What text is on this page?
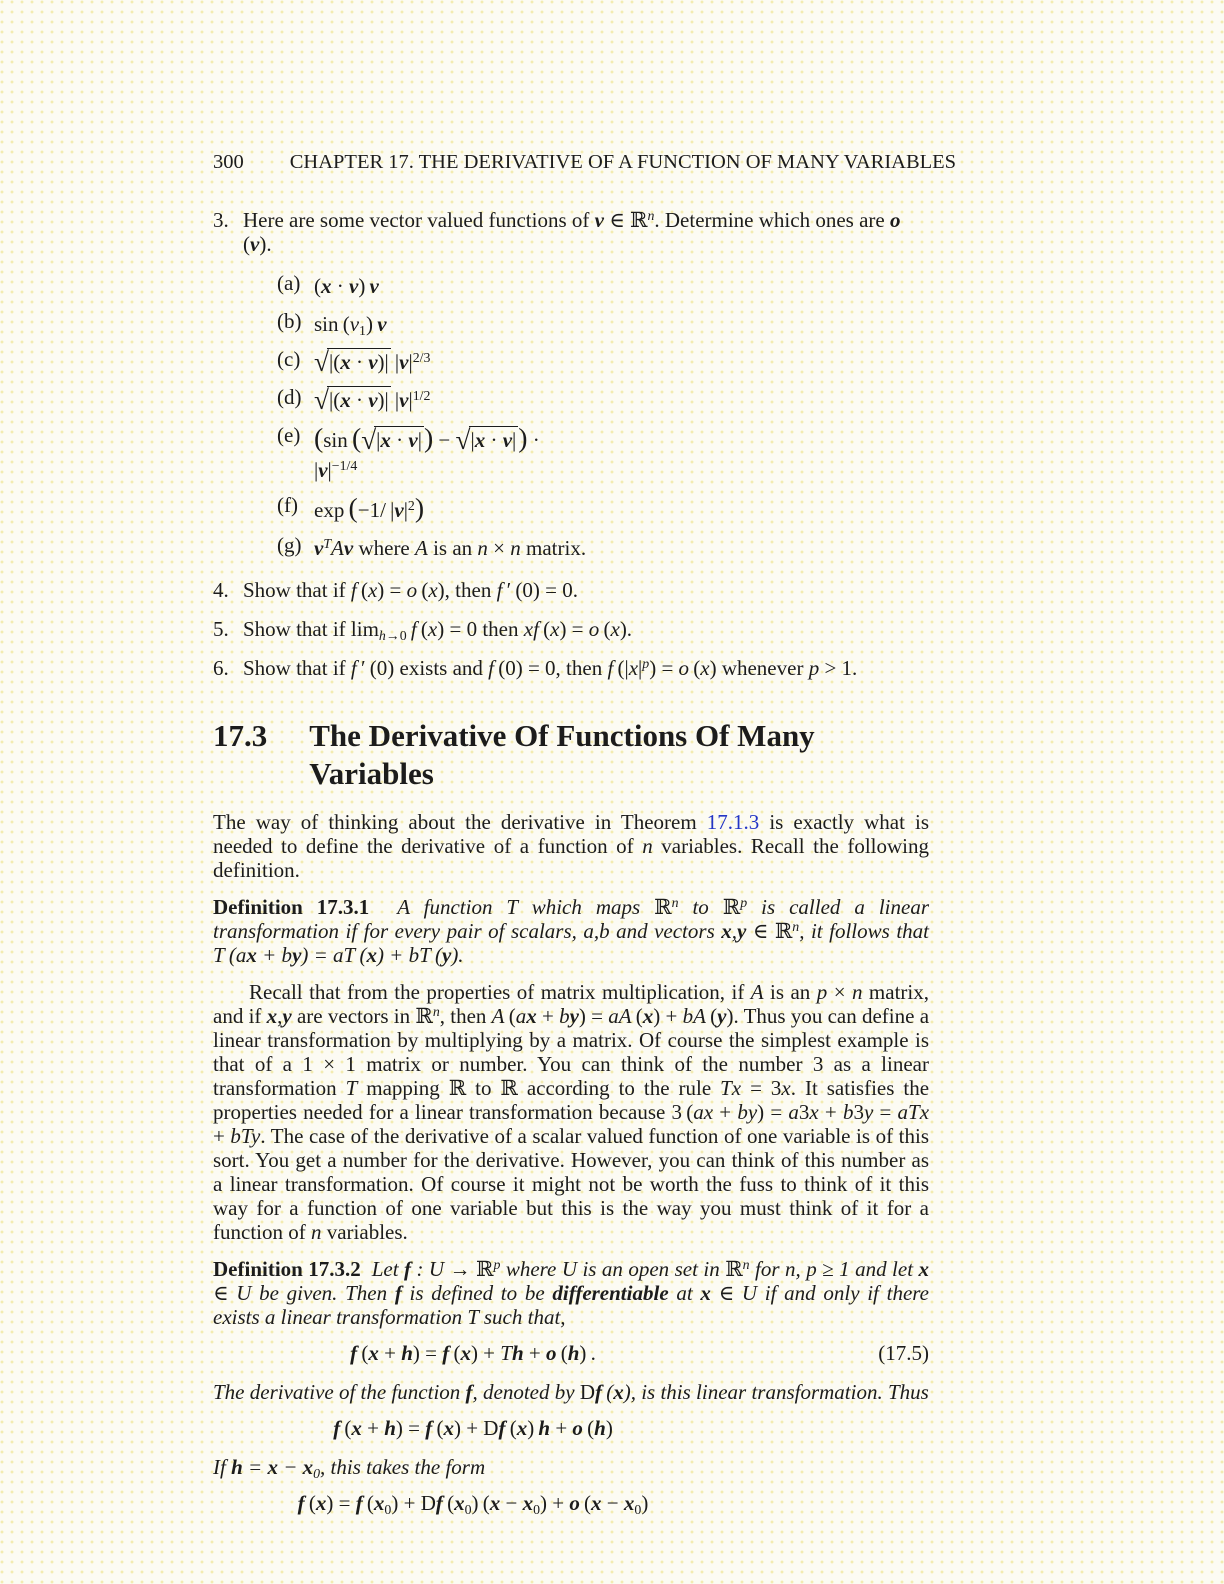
300 CHAPTER 17. THE DERIVATIVE OF A FUNCTION OF MANY VARIABLES
3. Here are some vector valued functions of v ∈ ℝ$^n$. Determine which ones are o (v).
(a) (x · v) v
(b) $\sin (v_1)$ v
(c) √|(x · v)| $|v|^{2/3}$
(d) √|(x · v)| $|v|^{1/2}$
(e) (sin (√|x · v|) − √|x · v|) ·
$|v|^{-1/4}$
(f) exp (−1/ $|v|^2$)
(g) $v^TAv$ where A is an n × n matrix.
4. Show that if f (x) = o (x), then f ′ (0) = 0.
5. Show that if $\lim_{h\to 0} f$ (x) = 0 then xf (x) = o (x).
6. Show that if f ′ (0) exists and f (0) = 0, then f $(|x|^p) = o$ (x) whenever p > 1.
17.3 The Derivative Of Functions Of Many Variables
The way of thinking about the derivative in Theorem 17.1.3 is exactly what is needed to define the derivative of a function of n variables. Recall the following definition.
Definition 17.3.1 A function T which maps ℝ$^n$ to ℝ$^p$ is called a linear transformation if for every pair of scalars, a,b and vectors x,y ∈ ℝ$^n$, it follows that T (ax + by) = aT (x) + bT (y).
Recall that from the properties of matrix multiplication, if A is an p × n matrix, and if x,y are vectors in ℝ$^n$, then A (ax + by) = aA (x) + bA (y). Thus you can define a linear transformation by multiplying by a matrix. Of course the simplest example is that of a 1 × 1 matrix or number. You can think of the number 3 as a linear transformation T mapping ℝ to ℝ according to the rule Tx = 3x. It satisfies the properties needed for a linear transformation because 3 (ax + by) = a3x + b3y = aTx + bTy. The case of the derivative of a scalar valued function of one variable is of this sort. You get a number for the derivative. However, you can think of this number as a linear transformation. Of course it might not be worth the fuss to think of it this way for a function of one variable but this is the way you must think of it for a function of n variables.
Definition 17.3.2 Let f : U → ℝ$^p$ where U is an open set in ℝ$^n$ for n, p ≥ 1 and let x ∈ U be given. Then f is defined to be differentiable at x ∈ U if and only if there exists a linear transformation T such that,
f (x + h) = f (x) + Th + o (h) .	(17.5)
The derivative of the function f, denoted by Df (x), is this linear transformation. Thus
f (x + h) = f (x) + Df (x) h + o (h)
If $h = x - x_0$, this takes the form
f (x) = f $(x_0) + Df$ $(x_0) (x - x_0) + o$ $(x - x_0)$
